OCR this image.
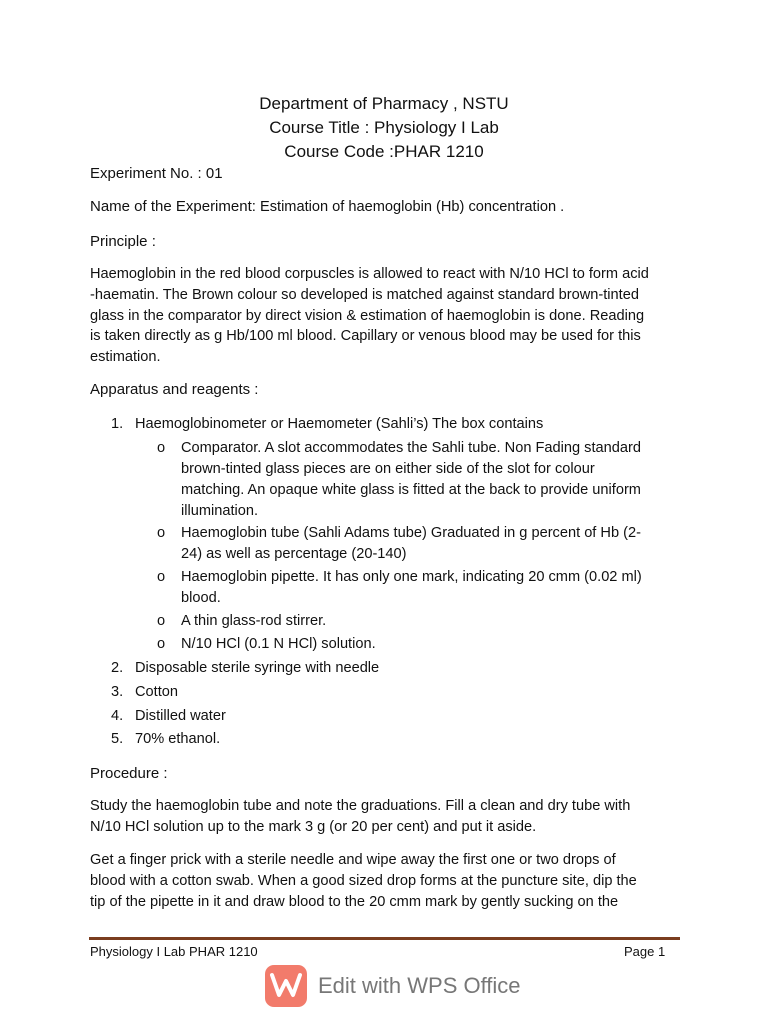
Department of Pharmacy , NSTU
Course Title : Physiology I Lab
Course Code :PHAR 1210
Experiment No. : 01
Name of the Experiment: Estimation of haemoglobin (Hb) concentration .
Principle :
Haemoglobin in the red blood corpuscles is allowed to react with N/10 HCl to form acid
-haematin. The Brown colour so developed is matched against standard brown-tinted
glass in the comparator by direct vision & estimation of haemoglobin is done. Reading
is taken directly as g Hb/100 ml blood. Capillary or venous blood may be used for this
estimation.
Apparatus and reagents :
1. Haemoglobinometer or Haemometer (Sahli’s) The box contains
o Comparator. A slot accommodates the Sahli tube. Non Fading standard
brown-tinted glass pieces are on either side of the slot for colour
matching. An opaque white glass is fitted at the back to provide uniform
illumination.
o Haemoglobin tube (Sahli Adams tube) Graduated in g percent of Hb (2-
24) as well as percentage (20-140)
o Haemoglobin pipette. It has only one mark, indicating 20 cmm (0.02 ml)
blood.
o A thin glass-rod stirrer.
o N/10 HCl (0.1 N HCl) solution.
2. Disposable sterile syringe with needle
3. Cotton
4. Distilled water
5. 70% ethanol.
Procedure :
Study the haemoglobin tube and note the graduations. Fill a clean and dry tube with
N/10 HCl solution up to the mark 3 g (or 20 per cent) and put it aside.
Get a finger prick with a sterile needle and wipe away the first one or two drops of
blood with a cotton swab. When a good sized drop forms at the puncture site, dip the
tip of the pipette in it and draw blood to the 20 cmm mark by gently sucking on the
Physiology I Lab PHAR 1210	Page 1
Edit with WPS Office
